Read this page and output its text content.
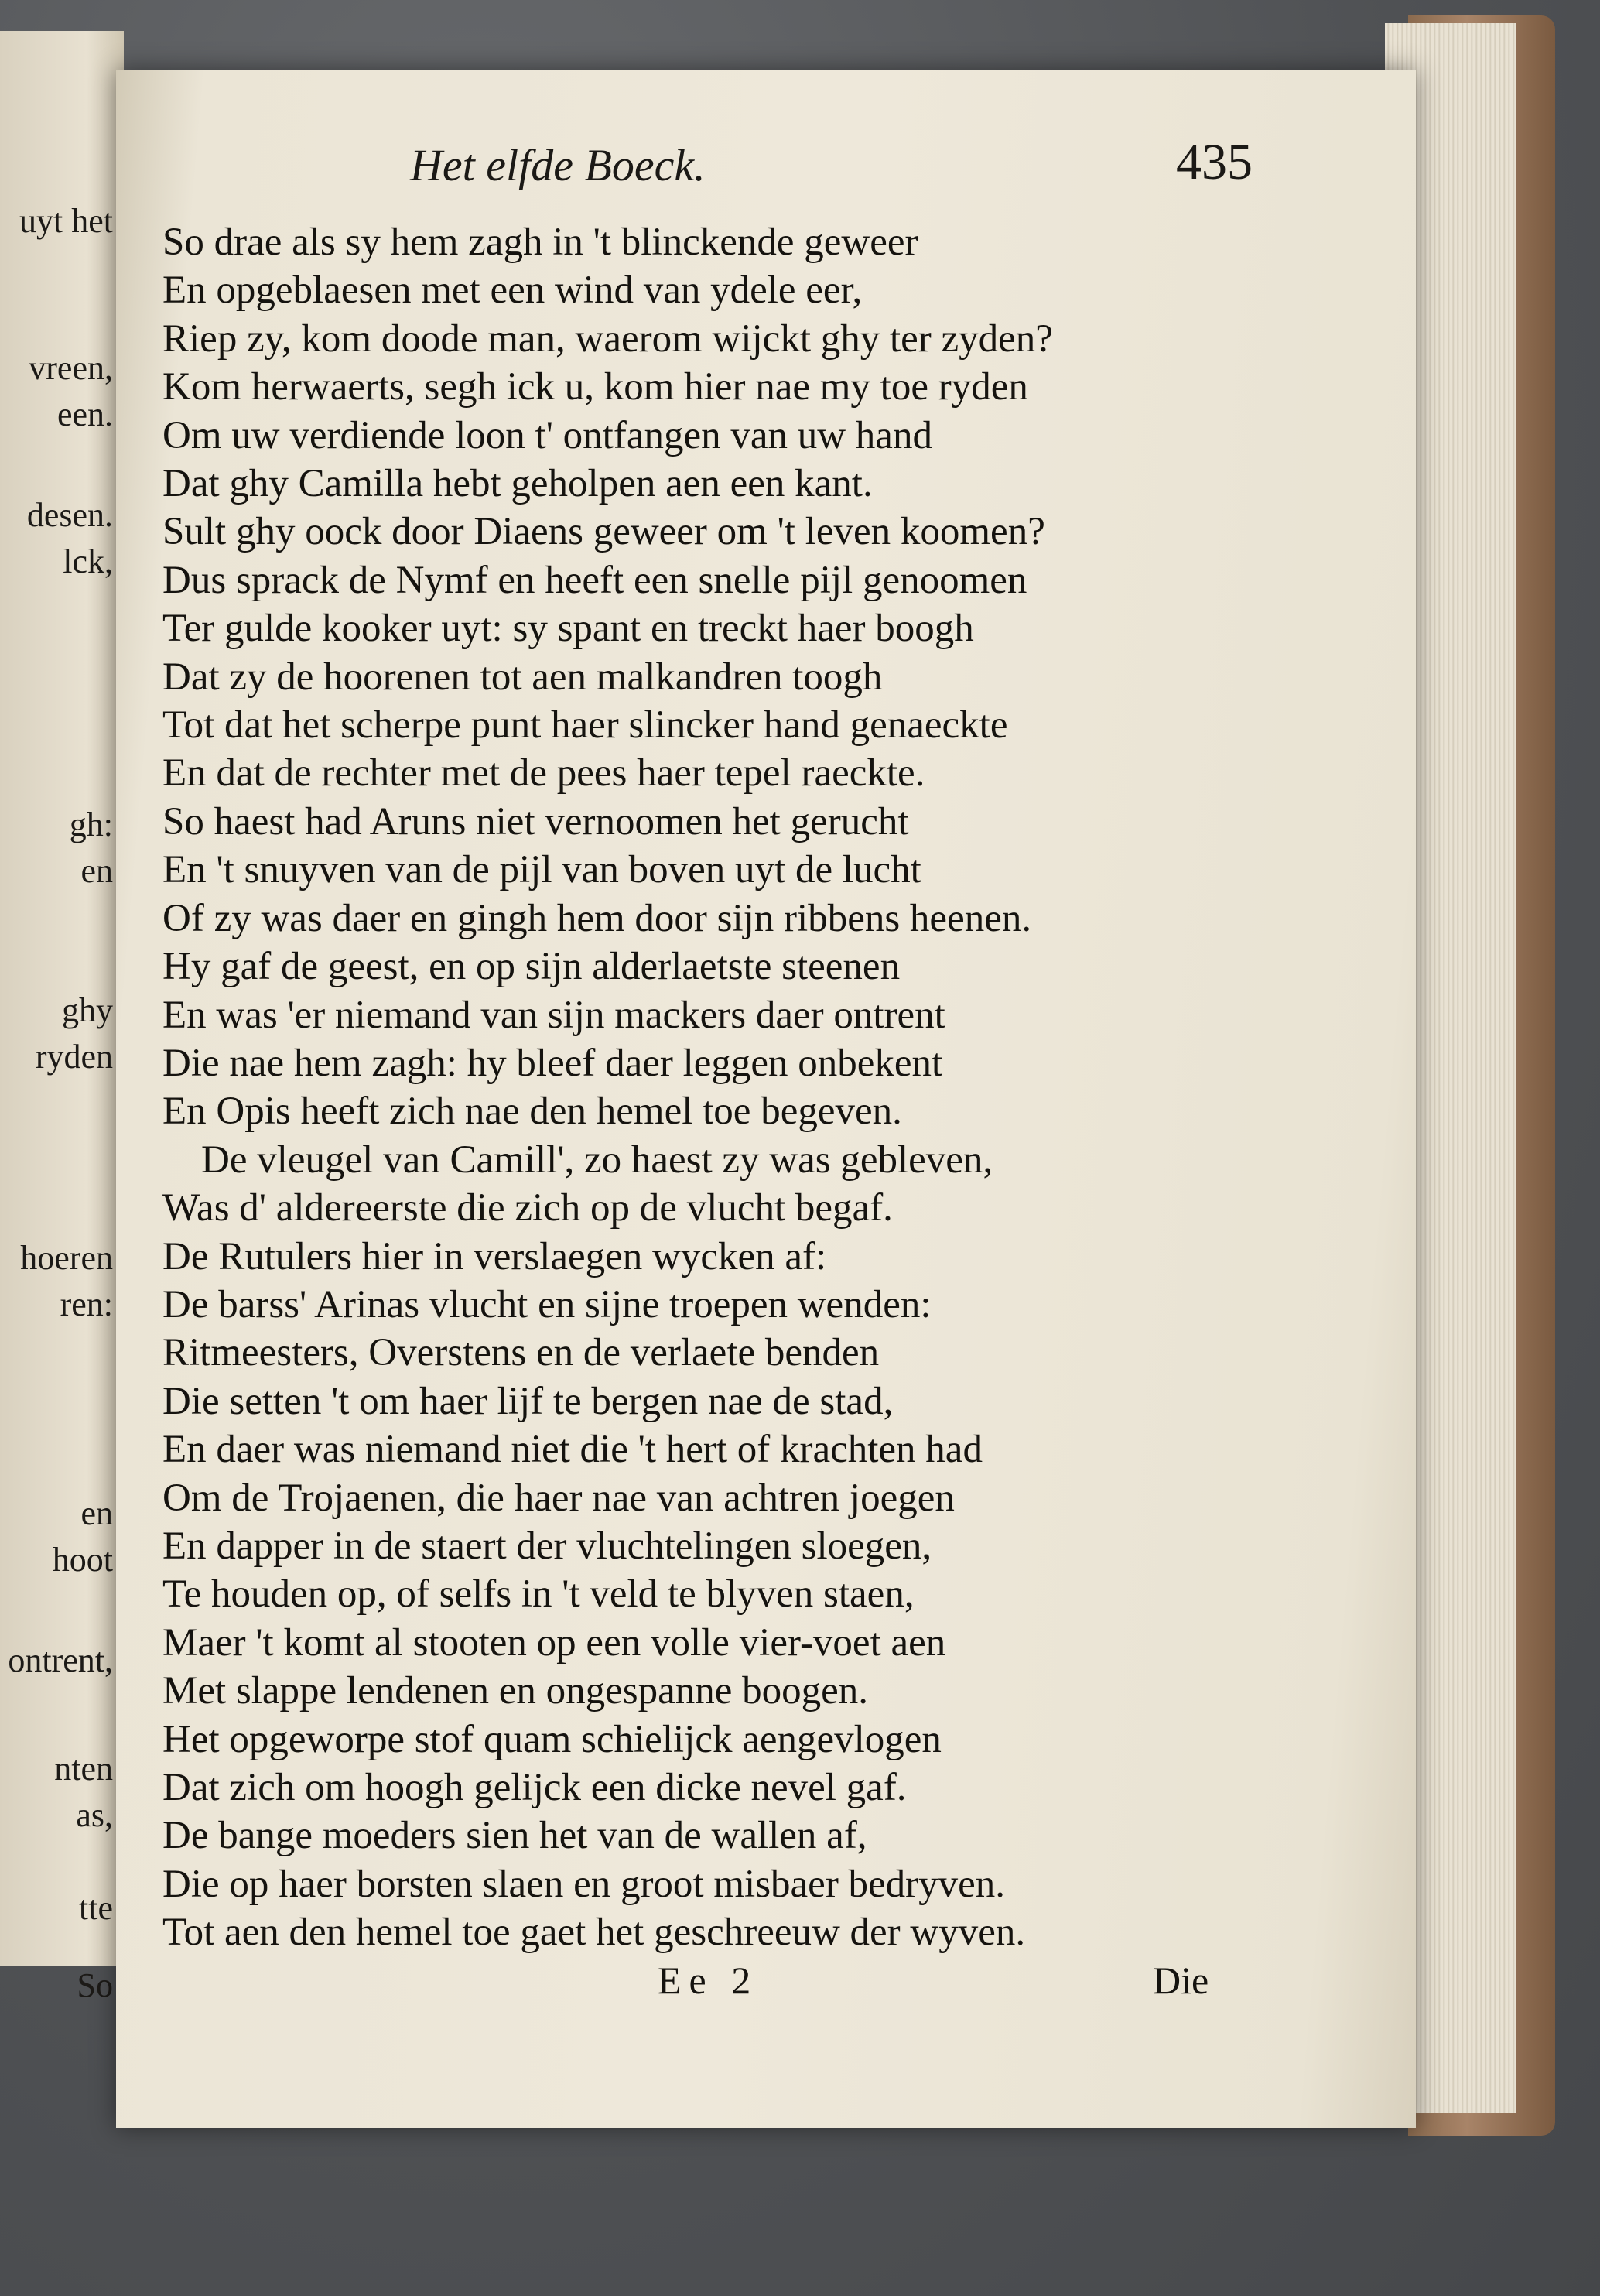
uyt het
vreen,
een.
desen.
lck,
gh:
en
ghy
ryden
hoeren
ren:
en
hoot
ontrent,
nten
as,
tte
So
Het elfde Boeck.	435
So drae als sy hem zagh in 't blinckende geweer
En opgeblaesen met een wind van ydele eer,
Riep zy, kom doode man, waerom wijckt ghy ter zyden?
Kom herwaerts, segh ick u, kom hier nae my toe ryden
Om uw verdiende loon t' ontfangen van uw hand
Dat ghy Camilla hebt geholpen aen een kant.
Sult ghy oock door Diaens geweer om 't leven koomen?
Dus sprack de Nymf en heeft een snelle pijl genoomen
Ter gulde kooker uyt: sy spant en treckt haer boogh
Dat zy de hoorenen tot aen malkandren toogh
Tot dat het scherpe punt haer slincker hand genaeckte
En dat de rechter met de pees haer tepel raeckte.
So haest had Aruns niet vernoomen het gerucht
En 't snuyven van de pijl van boven uyt de lucht
Of zy was daer en gingh hem door sijn ribbens heenen.
Hy gaf de geest, en op sijn alderlaetste steenen
En was 'er niemand van sijn mackers daer ontrent
Die nae hem zagh: hy bleef daer leggen onbekent
En Opis heeft zich nae den hemel toe begeven.
De vleugel van Camill', zo haest zy was gebleven,
Was d' aldereerste die zich op de vlucht begaf.
De Rutulers hier in verslaegen wycken af:
De barss' Arinas vlucht en sijne troepen wenden:
Ritmeesters, Overstens en de verlaete benden
Die setten 't om haer lijf te bergen nae de stad,
En daer was niemand niet die 't hert of krachten had
Om de Trojaenen, die haer nae van achtren joegen
En dapper in de staert der vluchtelingen sloegen,
Te houden op, of selfs in 't veld te blyven staen,
Maer 't komt al stooten op een volle vier-voet aen
Met slappe lendenen en ongespanne boogen.
Het opgeworpe stof quam schielijck aengevlogen
Dat zich om hoogh gelijck een dicke nevel gaf.
De bange moeders sien het van de wallen af,
Die op haer borsten slaen en groot misbaer bedryven.
Tot aen den hemel toe gaet het geschreeuw der wyven.
Ee 2	Die
